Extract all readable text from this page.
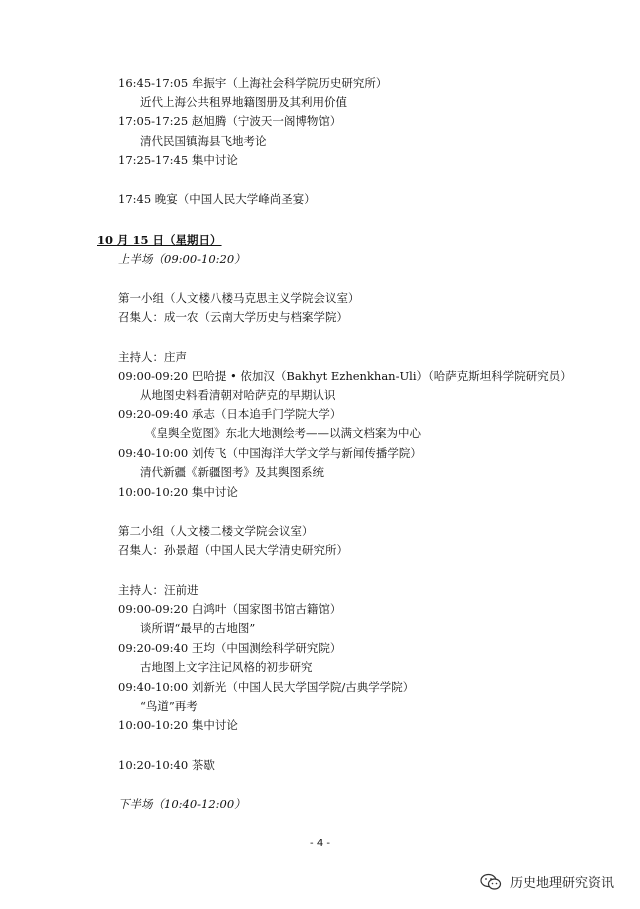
16:45-17:05 牟振宇（上海社会科学院历史研究所）
近代上海公共租界地籍图册及其利用价值
17:05-17:25 赵旭腾（宁波天一阁博物馆）
清代民国镇海县飞地考论
17:25-17:45 集中讨论
17:45 晚宴（中国人民大学峰尚圣宴）
10 月 15 日（星期日）
上半场（09:00-10:20）
第一小组（人文楼八楼马克思主义学院会议室）
召集人：成一农（云南大学历史与档案学院）
主持人：庄声
09:00-09:20 巴哈提 • 依加汉（Bakhyt Ezhenkhan-Uli）（哈萨克斯坦科学院研究员）
从地图史料看清朝对哈萨克的早期认识
09:20-09:40 承志（日本追手门学院大学）
《皇舆全览图》东北大地测绘考——以满文档案为中心
09:40-10:00 刘传飞（中国海洋大学文学与新闻传播学院）
清代新疆《新疆图考》及其舆图系统
10:00-10:20 集中讨论
第二小组（人文楼二楼文学院会议室）
召集人：孙景超（中国人民大学清史研究所）
主持人：汪前进
09:00-09:20 白鸿叶（国家图书馆古籍馆）
谈所谓“最早的古地图”
09:20-09:40 王均（中国测绘科学研究院）
古地图上文字注记风格的初步研究
09:40-10:00 刘新光（中国人民大学国学院/古典学学院）
“鸟道”再考
10:00-10:20 集中讨论
10:20-10:40 茶歇
下半场（10:40-12:00）
- 4 -
历史地理研究资讯
